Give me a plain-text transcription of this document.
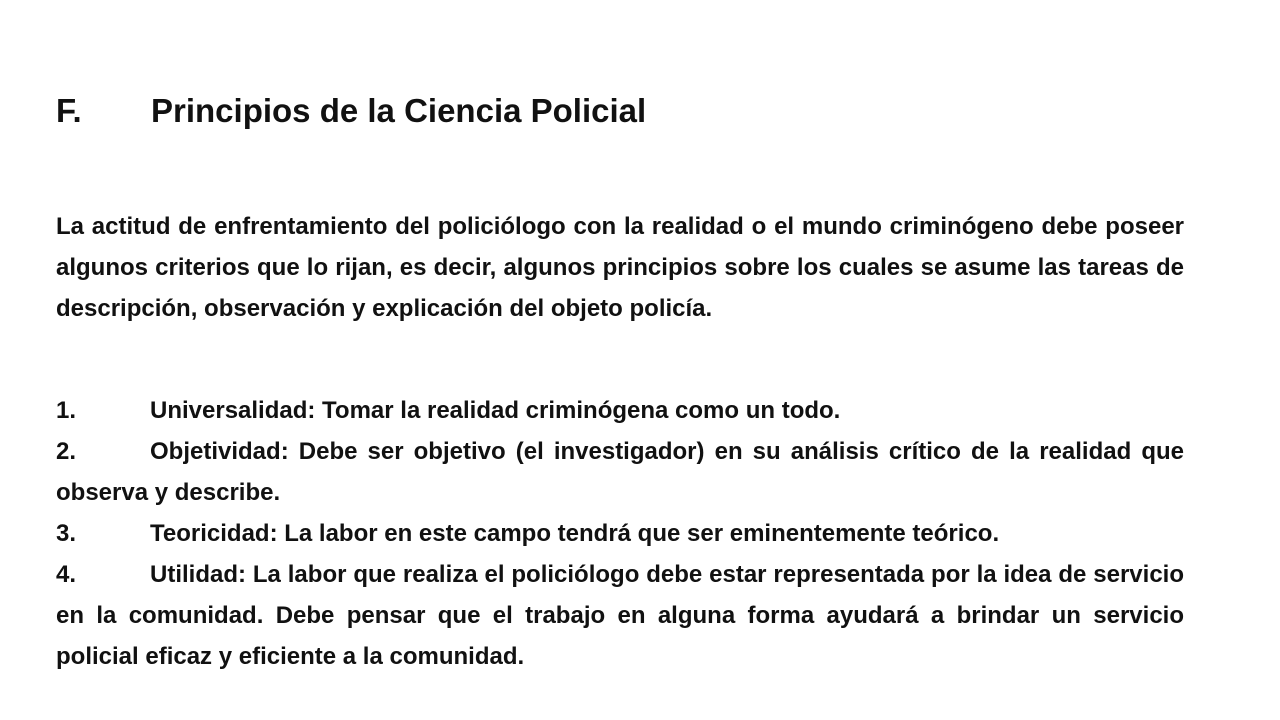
F. Principios de la Ciencia Policial

La actitud de enfrentamiento del policiólogo con la realidad o el mundo criminógeno debe poseer algunos criterios que lo rijan, es decir, algunos principios sobre los cuales se asume las tareas de descripción, observación y explicación del objeto policía.

1.	Universalidad: Tomar la realidad criminógena como un todo.
2.	Objetividad: Debe ser objetivo (el investigador) en su análisis crítico de la realidad que observa y describe.
3.	Teoricidad: La labor en este campo tendrá que ser eminentemente teórico.
4.	Utilidad: La labor que realiza el policiólogo debe estar representada por la idea de servicio en la comunidad. Debe pensar que el trabajo en alguna forma ayudará a brindar un servicio policial eficaz y eficiente a la comunidad.
